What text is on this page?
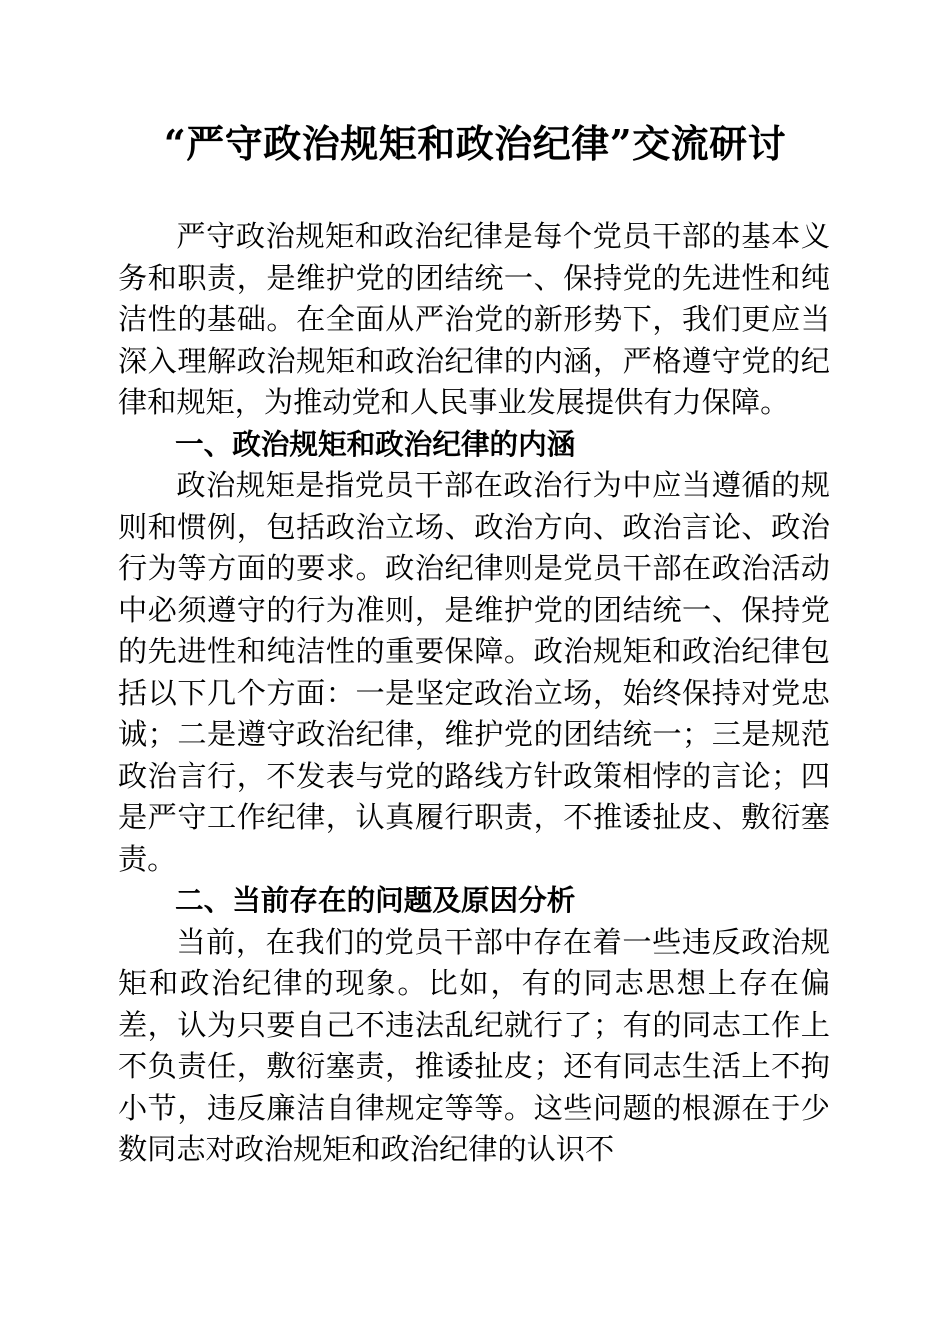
“严守政治规矩和政治纪律”交流研讨

严守政治规矩和政治纪律是每个党员干部的基本义务和职责，是维护党的团结统一、保持党的先进性和纯洁性的基础。在全面从严治党的新形势下，我们更应当深入理解政治规矩和政治纪律的内涵，严格遵守党的纪律和规矩，为推动党和人民事业发展提供有力保障。

一、政治规矩和政治纪律的内涵

政治规矩是指党员干部在政治行为中应当遵循的规则和惯例，包括政治立场、政治方向、政治言论、政治行为等方面的要求。政治纪律则是党员干部在政治活动中必须遵守的行为准则，是维护党的团结统一、保持党的先进性和纯洁性的重要保障。政治规矩和政治纪律包括以下几个方面：一是坚定政治立场，始终保持对党忠诚；二是遵守政治纪律，维护党的团结统一；三是规范政治言行，不发表与党的路线方针政策相悖的言论；四是严守工作纪律，认真履行职责，不推诿扯皮、敷衍塞责。

二、当前存在的问题及原因分析

当前，在我们的党员干部中存在着一些违反政治规矩和政治纪律的现象。比如，有的同志思想上存在偏差，认为只要自己不违法乱纪就行了；有的同志工作上不负责任，敷衍塞责，推诿扯皮；还有同志生活上不拘小节，违反廉洁自律规定等等。这些问题的根源在于少数同志对政治规矩和政治纪律的认识不
